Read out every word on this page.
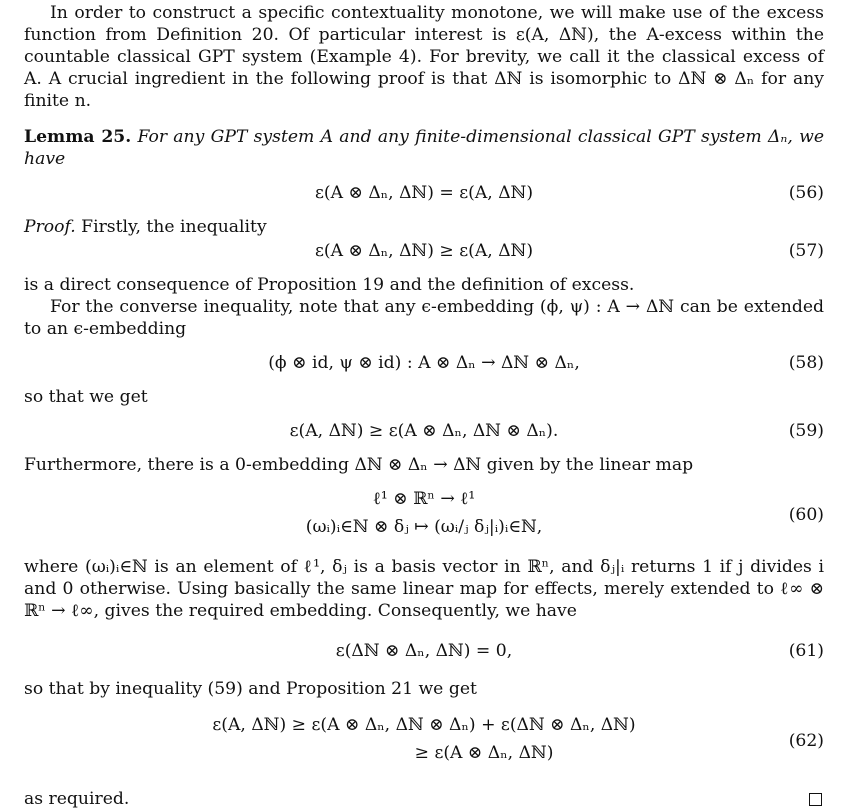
In order to construct a specific contextuality monotone, we will make use of the excess function from Definition 20. Of particular interest is ε(A, Δℕ), the A-excess within the countable classical GPT system (Example 4). For brevity, we call it the classical excess of A. A crucial ingredient in the following proof is that Δℕ is isomorphic to Δℕ ⊗ Δₙ for any finite n.

Lemma 25. For any GPT system A and any finite-dimensional classical GPT system Δₙ, we have

ε(A ⊗ Δₙ, Δℕ) = ε(A, Δℕ)	(56)

Proof. Firstly, the inequality

ε(A ⊗ Δₙ, Δℕ) ≥ ε(A, Δℕ)	(57)

is a direct consequence of Proposition 19 and the definition of excess.

For the converse inequality, note that any ϵ-embedding (ϕ, ψ) : A → Δℕ can be extended to an ϵ-embedding

(ϕ ⊗ id, ψ ⊗ id) : A ⊗ Δₙ → Δℕ ⊗ Δₙ,	(58)

so that we get

ε(A, Δℕ) ≥ ε(A ⊗ Δₙ, Δℕ ⊗ Δₙ).	(59)

Furthermore, there is a 0-embedding Δℕ ⊗ Δₙ → Δℕ given by the linear map

ℓ¹ ⊗ ℝⁿ → ℓ¹
(ωᵢ)ᵢ∈ℕ ⊗ δⱼ ↦ (ωᵢ/ⱼ δⱼ|ᵢ)ᵢ∈ℕ,
(60)

where (ωᵢ)ᵢ∈ℕ is an element of ℓ¹, δⱼ is a basis vector in ℝⁿ, and δⱼ|ᵢ returns 1 if j divides i and 0 otherwise. Using basically the same linear map for effects, merely extended to ℓ∞ ⊗ ℝⁿ → ℓ∞, gives the required embedding. Consequently, we have

ε(Δℕ ⊗ Δₙ, Δℕ) = 0,	(61)

so that by inequality (59) and Proposition 21 we get

ε(A, Δℕ) ≥ ε(A ⊗ Δₙ, Δℕ ⊗ Δₙ) + ε(Δℕ ⊗ Δₙ, Δℕ)
≥ ε(A ⊗ Δₙ, Δℕ)
(62)

as required.
